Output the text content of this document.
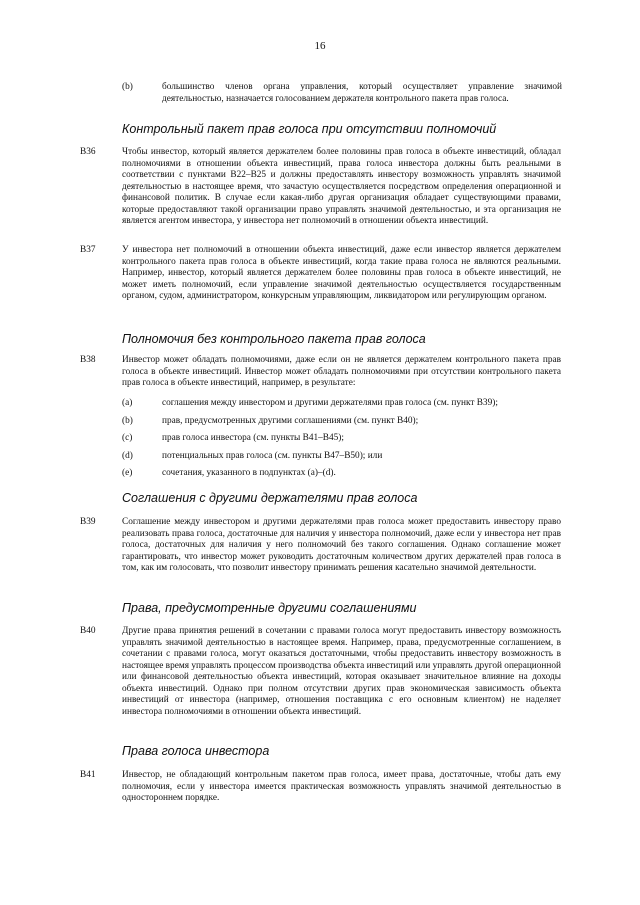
16
(b)	большинство членов органа управления, который осуществляет управление значимой деятельностью, назначается голосованием держателя контрольного пакета прав голоса.
Контрольный пакет прав голоса при отсутствии полномочий
B36	Чтобы инвестор, который является держателем более половины прав голоса в объекте инвестиций, обладал полномочиями в отношении объекта инвестиций, права голоса инвестора должны быть реальными в соответствии с пунктами B22–B25 и должны предоставлять инвестору возможность управлять значимой деятельностью в настоящее время, что зачастую осуществляется посредством определения операционной и финансовой политик. В случае если какая-либо другая организация обладает существующими правами, которые предоставляют такой организации право управлять значимой деятельностью, и эта организация не является агентом инвестора, у инвестора нет полномочий в отношении объекта инвестиций.
B37	У инвестора нет полномочий в отношении объекта инвестиций, даже если инвестор является держателем контрольного пакета прав голоса в объекте инвестиций, когда такие права голоса не являются реальными. Например, инвестор, который является держателем более половины прав голоса в объекте инвестиций, не может иметь полномочий, если управление значимой деятельностью осуществляется государственным органом, судом, администратором, конкурсным управляющим, ликвидатором или регулирующим органом.
Полномочия без контрольного пакета прав голоса
B38	Инвестор может обладать полномочиями, даже если он не является держателем контрольного пакета прав голоса в объекте инвестиций. Инвестор может обладать полномочиями при отсутствии контрольного пакета прав голоса в объекте инвестиций, например, в результате:
(a)	соглашения между инвестором и другими держателями прав голоса (см. пункт B39);
(b)	прав, предусмотренных другими соглашениями (см. пункт B40);
(c)	прав голоса инвестора (см. пункты B41–B45);
(d)	потенциальных прав голоса (см. пункты B47–B50); или
(e)	сочетания, указанного в подпунктах (a)–(d).
Соглашения с другими держателями прав голоса
B39	Соглашение между инвестором и другими держателями прав голоса может предоставить инвестору право реализовать права голоса, достаточные для наличия у инвестора полномочий, даже если у инвестора нет прав голоса, достаточных для наличия у него полномочий без такого соглашения. Однако соглашение может гарантировать, что инвестор может руководить достаточным количеством других держателей прав голоса в том, как им голосовать, что позволит инвестору принимать решения касательно значимой деятельности.
Права, предусмотренные другими соглашениями
B40	Другие права принятия решений в сочетании с правами голоса могут предоставить инвестору возможность управлять значимой деятельностью в настоящее время. Например, права, предусмотренные соглашением, в сочетании с правами голоса, могут оказаться достаточными, чтобы предоставить инвестору возможность в настоящее время управлять процессом производства объекта инвестиций или управлять другой операционной или финансовой деятельностью объекта инвестиций, которая оказывает значительное влияние на доходы объекта инвестиций. Однако при полном отсутствии других прав экономическая зависимость объекта инвестиций от инвестора (например, отношения поставщика с его основным клиентом) не наделяет инвестора полномочиями в отношении объекта инвестиций.
Права голоса инвестора
B41	Инвестор, не обладающий контрольным пакетом прав голоса, имеет права, достаточные, чтобы дать ему полномочия, если у инвестора имеется практическая возможность управлять значимой деятельностью в одностороннем порядке.
